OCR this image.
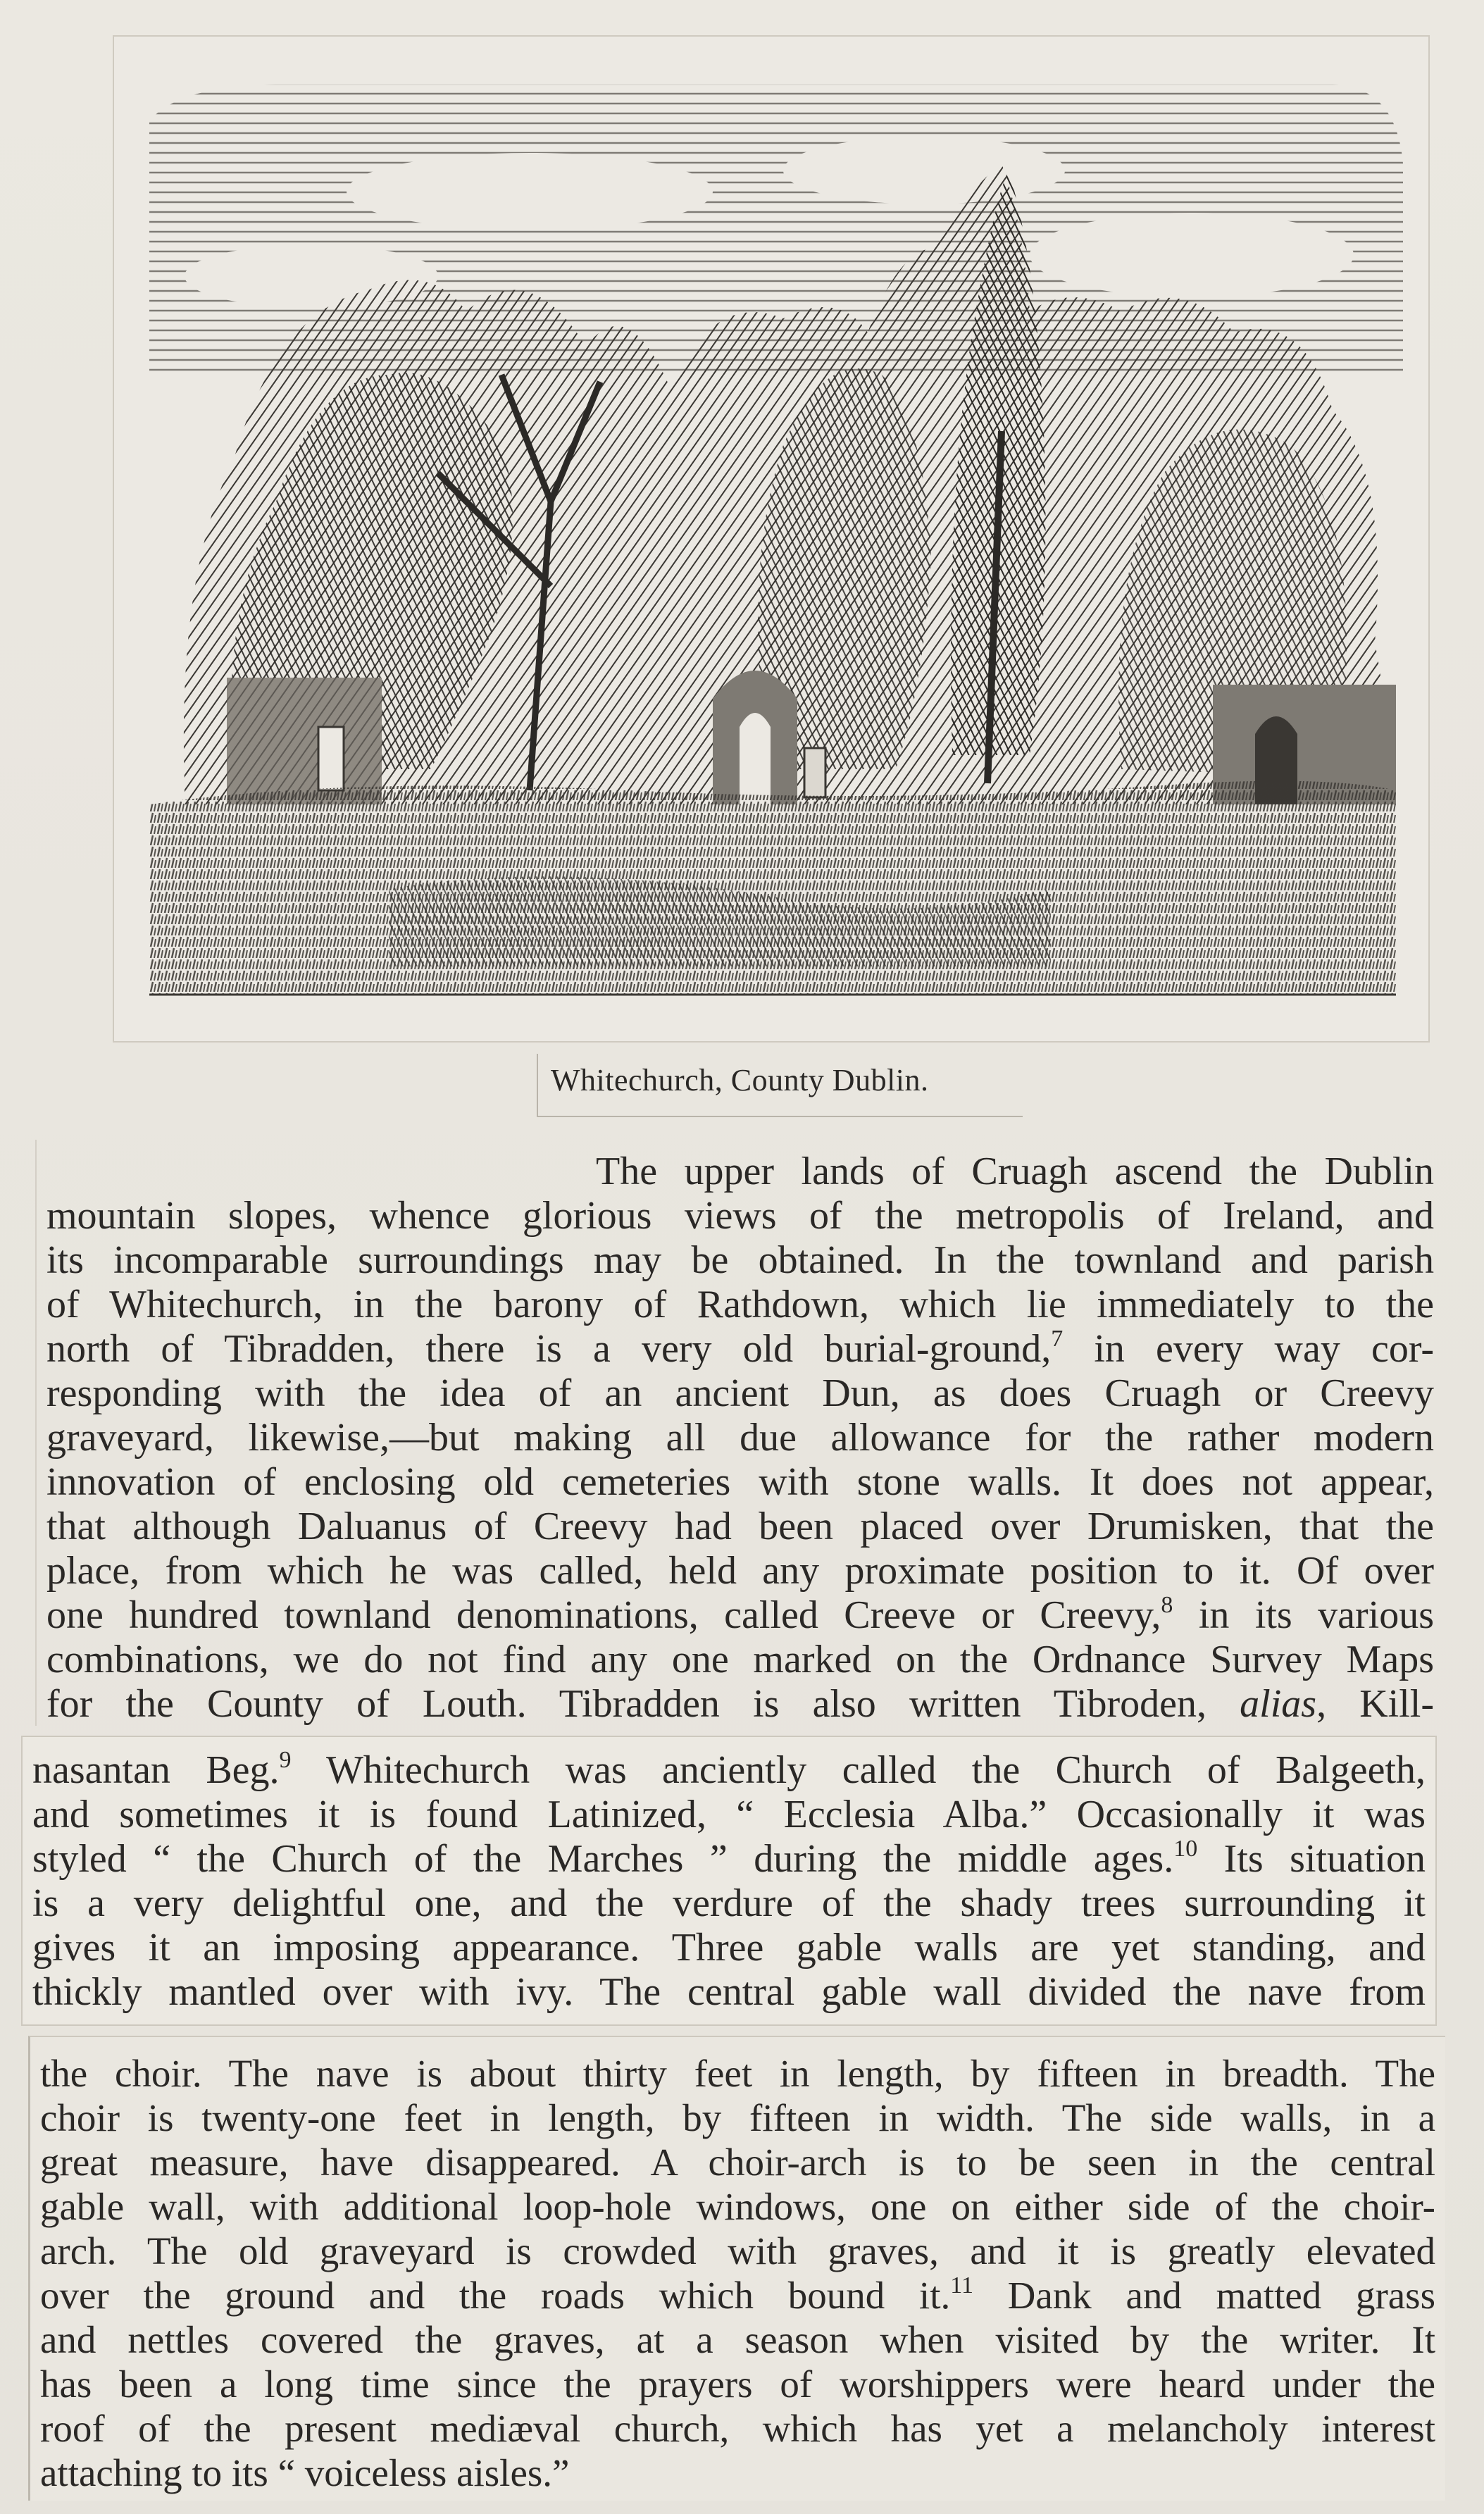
Whitechurch, County Dublin.
The upper lands of Cruagh ascend the Dublin
mountain slopes, whence glorious views of the metropolis of Ireland, and
its incomparable surroundings may be obtained. In the townland and parish
of Whitechurch, in the barony of Rathdown, which lie immediately to the
north of Tibradden, there is a very old burial-ground,$^7$ in every way cor-
responding with the idea of an ancient Dun, as does Cruagh or Creevy
graveyard, likewise,—but making all due allowance for the rather modern
innovation of enclosing old cemeteries with stone walls. It does not appear,
that although Daluanus of Creevy had been placed over Drumisken, that the
place, from which he was called, held any proximate position to it. Of over
one hundred townland denominations, called Creeve or Creevy,$^8$ in its various
combinations, we do not find any one marked on the Ordnance Survey Maps
for the County of Louth. Tibradden is also written Tibroden, alias, Kill-
nasantan Beg.$^9$ Whitechurch was anciently called the Church of Balgeeth,
and sometimes it is found Latinized, “ Ecclesia Alba.” Occasionally it was
styled “ the Church of the Marches ” during the middle ages.$^{10}$ Its situation
is a very delightful one, and the verdure of the shady trees surrounding it
gives it an imposing appearance. Three gable walls are yet standing, and
thickly mantled over with ivy. The central gable wall divided the nave from
the choir. The nave is about thirty feet in length, by fifteen in breadth. The
choir is twenty-one feet in length, by fifteen in width. The side walls, in a
great measure, have disappeared. A choir-arch is to be seen in the central
gable wall, with additional loop-hole windows, one on either side of the choir-
arch. The old graveyard is crowded with graves, and it is greatly elevated
over the ground and the roads which bound it.$^{11}$ Dank and matted grass
and nettles covered the graves, at a season when visited by the writer. It
has been a long time since the prayers of worshippers were heard under the
roof of the present mediæval church, which has yet a melancholy interest
attaching to its “ voiceless aisles.”
